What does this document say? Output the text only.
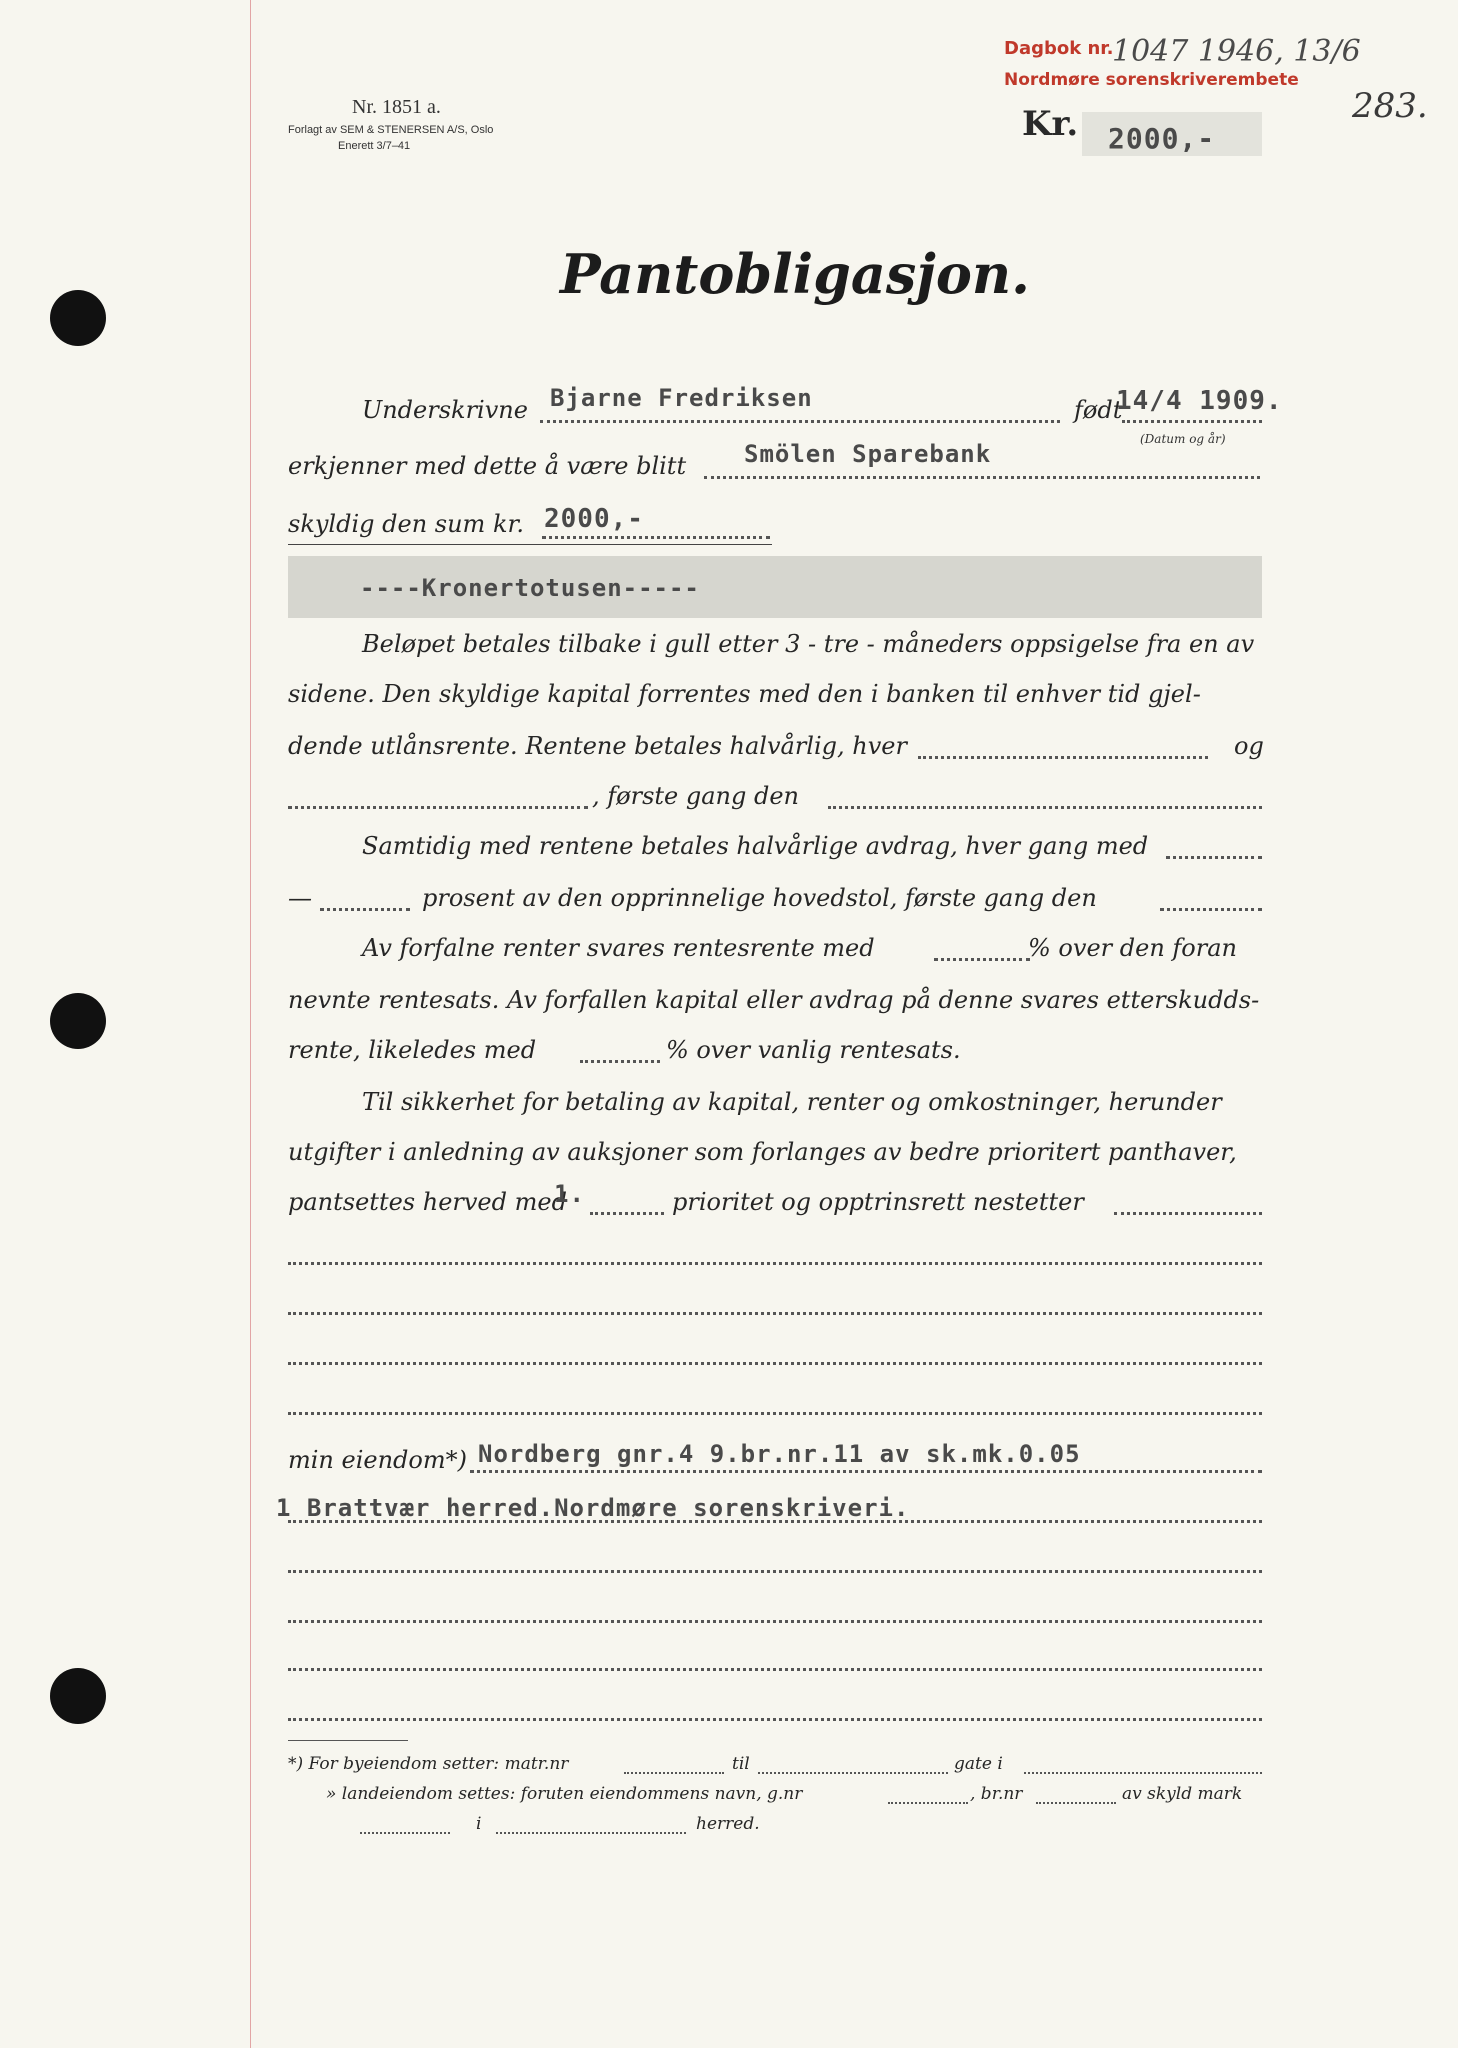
Nr. 1851 a.
Forlagt av SEM & STENERSEN A/S, Oslo
Enerett 3/7–41
Dagbok nr.
Nordmøre sorenskriverembete
1047 1946, 13/6
283.
Kr. 2000,-
Pantobligasjon.
Underskrivne Bjarne Fredriksen	født
14/4 1909.
(Datum og år)
erkjenner med dette å være blitt Smölen Sparebank
skyldig den sum kr. 2000,-
----Kronertotusen-----
Beløpet betales tilbake i gull etter 3 - tre - måneders oppsigelse fra en av
sidene. Den skyldige kapital forrentes med den i banken til enhver tid gjel-
dende utlånsrente. Rentene betales halvårlig, hver	og
, første gang den
Samtidig med rentene betales halvårlige avdrag, hver gang med
—	prosent av den opprinnelige hovedstol, første gang den
Av forfalne renter svares rentesrente med	% over den foran
nevnte rentesats. Av forfallen kapital eller avdrag på denne svares etterskudds-
rente, likeledes med	% over vanlig rentesats.
Til sikkerhet for betaling av kapital, renter og omkostninger, herunder
utgifter i anledning av auksjoner som forlanges av bedre prioritert panthaver,
pantsettes herved med
1.	prioritet og opptrinsrett nestetter
min eiendom*) Nordberg gnr.4 9.br.nr.11 av sk.mk.0.05
1 Brattvær herred.Nordmøre sorenskriveri.
*) For byeiendom setter: matr.nr	til	gate i
» landeiendom settes: foruten eiendommens navn, g.nr	, br.nr	av skyld mark
i	herred.
